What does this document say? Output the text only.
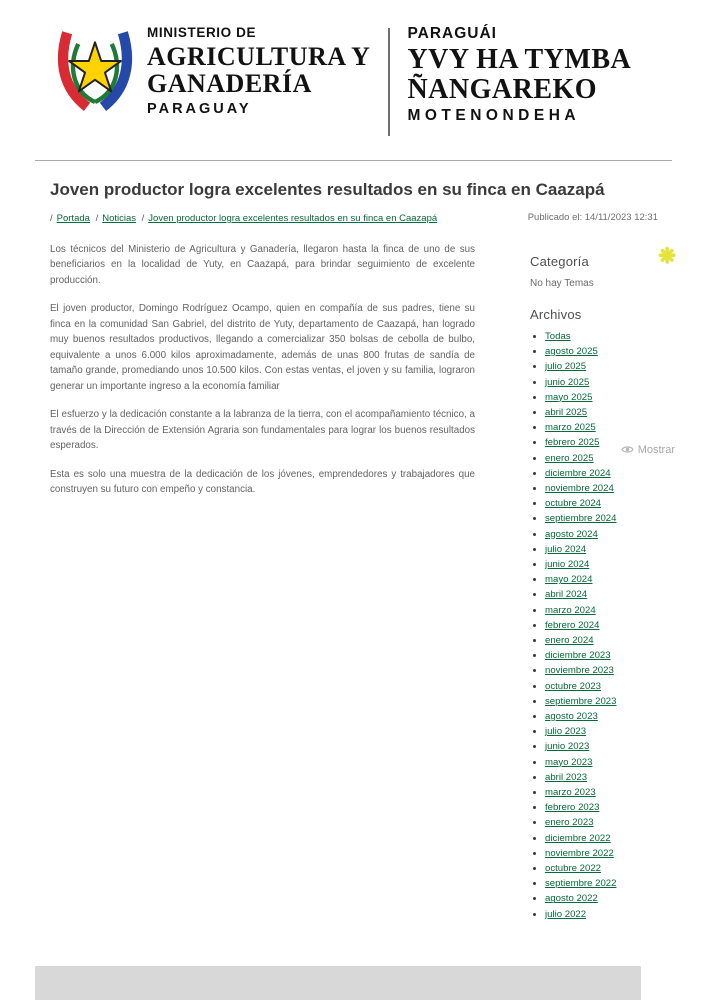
MINISTERIO DE
AGRICULTURA Y
GANADERÍA
PARAGUAY
PARAGUÁI
YVY HA TYMBA
ÑANGAREKO
MOTENONDEHA
Joven productor logra excelentes resultados en su finca en Caazapá
/ Portada / Noticias / Joven productor logra excelentes resultados en su finca en Caazapá	Publicado el: 14/11/2023 12:31

Los técnicos del Ministerio de Agricultura y Ganadería, llegaron hasta la finca de uno de sus beneficiarios en la localidad de Yuty, en Caazapá, para brindar seguimiento de excelente producción.

El joven productor, Domingo Rodríguez Ocampo, quien en compañía de sus padres, tiene su finca en la comunidad San Gabriel, del distrito de Yuty, departamento de Caazapá, han logrado muy buenos resultados productivos, llegando a comercializar 350 bolsas de cebolla de bulbo, equivalente a unos 6.000 kilos aproximadamente, además de unas 800 frutas de sandía de tamaño grande, promediando unos 10.500 kilos. Con estas ventas, el joven y su familia, lograron generar un importante ingreso a la economía familiar

El esfuerzo y la dedicación constante a la labranza de la tierra, con el acompañamiento técnico, a través de la Dirección de Extensión Agraria son fundamentales para lograr los buenos resultados esperados.

Esta es solo una muestra de la dedicación de los jóvenes, emprendedores y trabajadores que construyen su futuro con empeño y constancia.

❋
Categoría
No hay Temas
Archivos
• Todas
• agosto 2025
• julio 2025
• junio 2025
• mayo 2025
• abril 2025
• marzo 2025
• febrero 2025
• enero 2025
• diciembre 2024
• noviembre 2024
• octubre 2024
• septiembre 2024
• agosto 2024
• julio 2024
• junio 2024
• mayo 2024
• abril 2024
• marzo 2024
• febrero 2024
• enero 2024
• diciembre 2023
• noviembre 2023
• octubre 2023
• septiembre 2023
• agosto 2023
• julio 2023
• junio 2023
• mayo 2023
• abril 2023
• marzo 2023
• febrero 2023
• enero 2023
• diciembre 2022
• noviembre 2022
• octubre 2022
• septiembre 2022
• agosto 2022
• julio 2022
Mostrar
